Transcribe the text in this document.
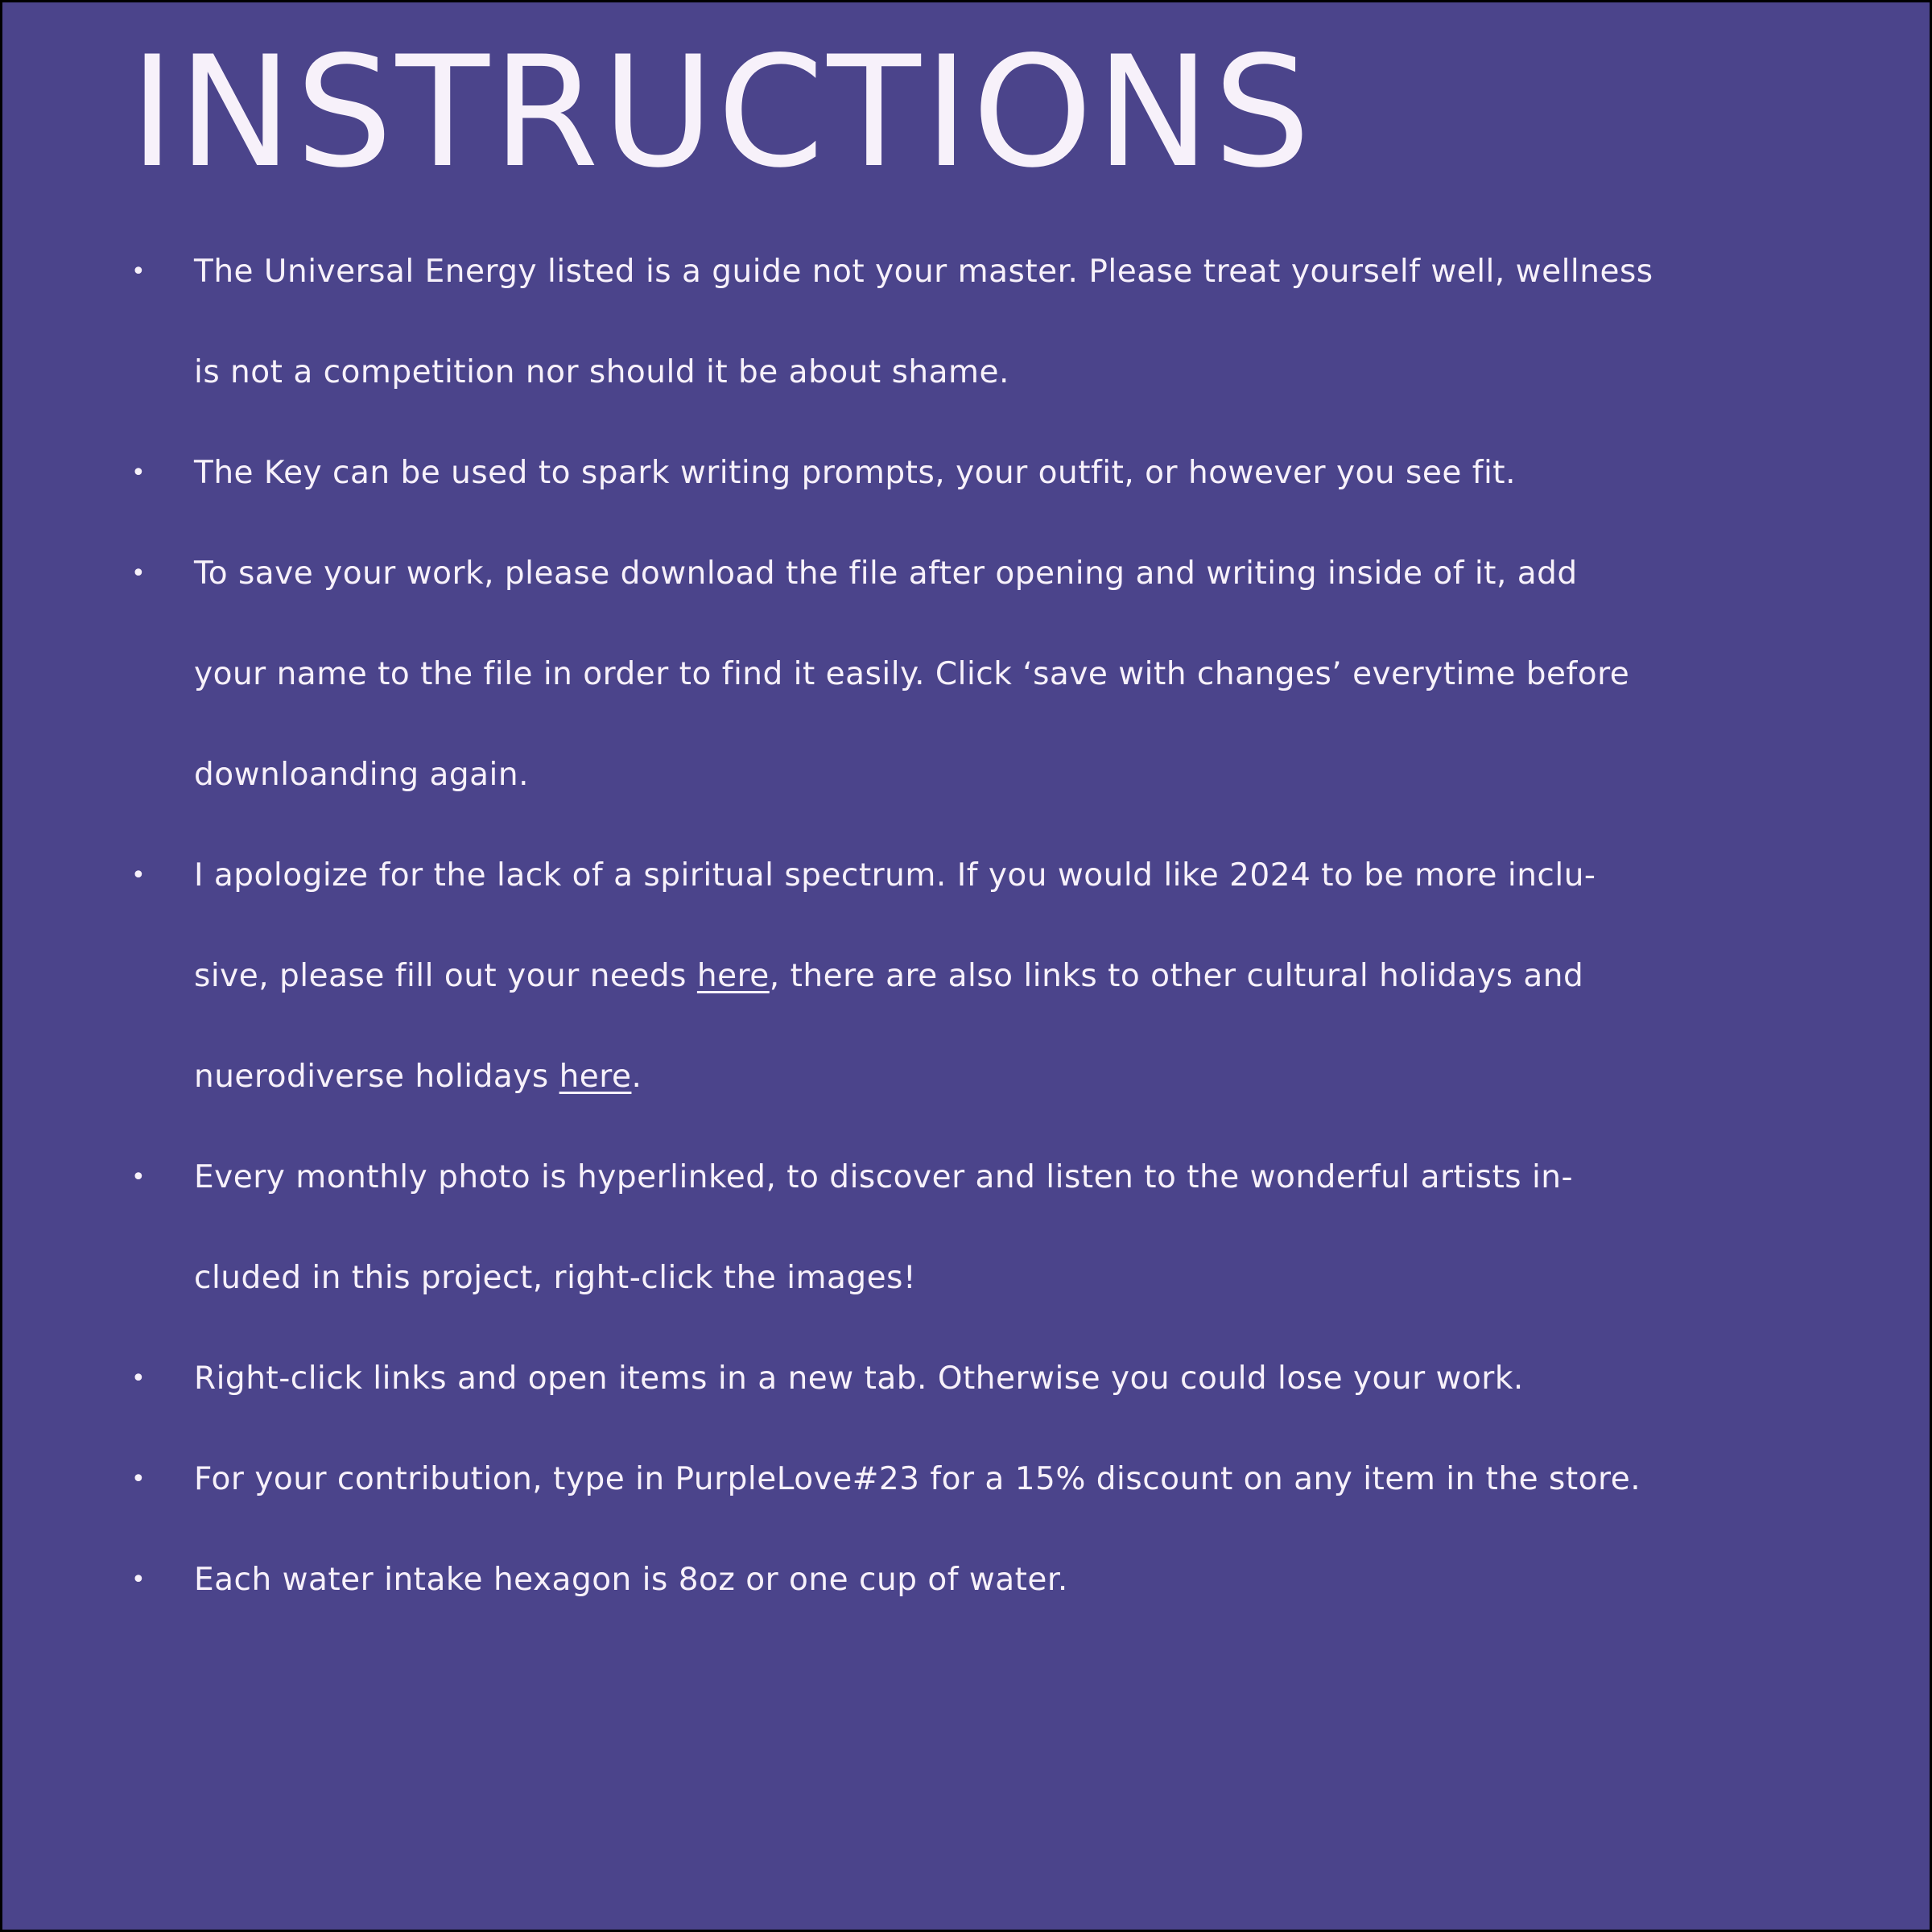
INSTRUCTIONS
• The Universal Energy listed is a guide not your master. Please treat yourself well, wellness
is not a competition nor should it be about shame.
• The Key can be used to spark writing prompts, your outfit, or however you see fit.
• To save your work, please download the file after opening and writing inside of it, add
your name to the file in order to find it easily. Click ‘save with changes’ everytime before
downloanding again.
• I apologize for the lack of a spiritual spectrum. If you would like 2024 to be more inclu-
sive, please fill out your needs here, there are also links to other cultural holidays and
nuerodiverse holidays here.
• Every monthly photo is hyperlinked, to discover and listen to the wonderful artists in-
cluded in this project, right-click the images!
• Right-click links and open items in a new tab. Otherwise you could lose your work.
• For your contribution, type in PurpleLove#23 for a 15% discount on any item in the store.
• Each water intake hexagon is 8oz or one cup of water.
